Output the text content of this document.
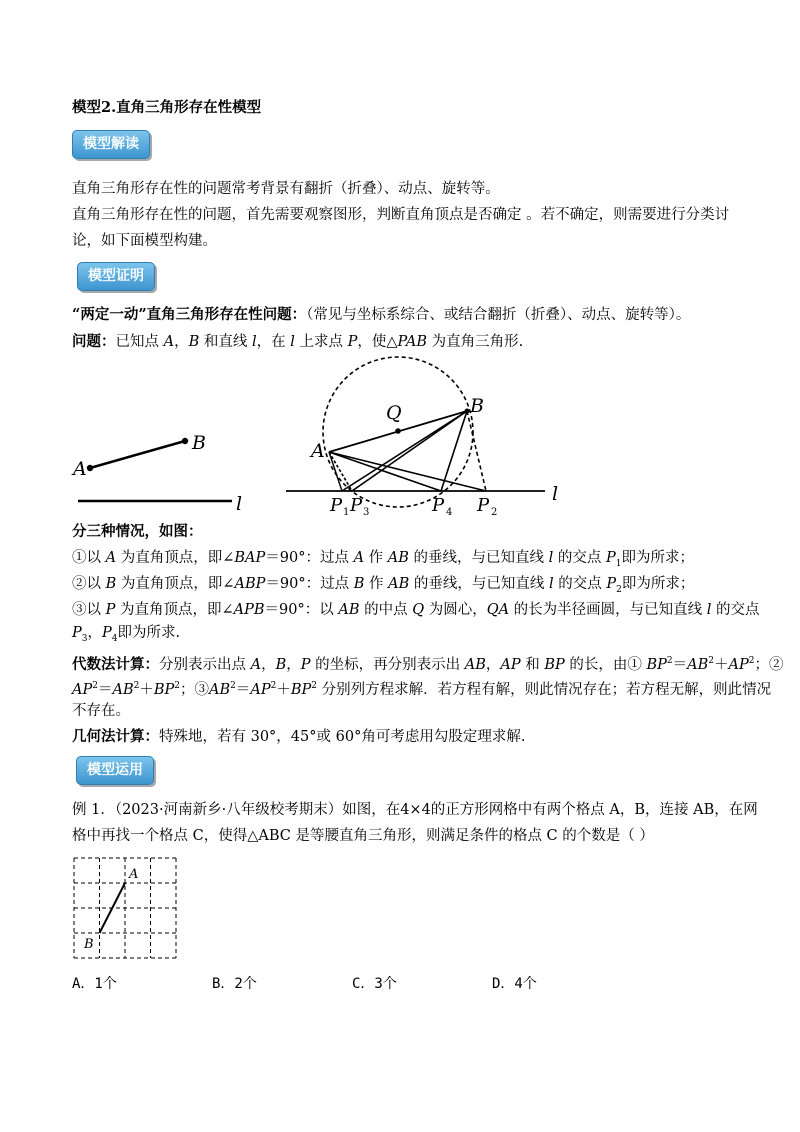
模型2.直角三角形存在性模型
模型解读
直角三角形存在性的问题常考背景有翻折（折叠）、动点、旋转等。
直角三角形存在性的问题，首先需要观察图形，判断直角顶点是否确定 。若不确定，则需要进行分类讨
论，如下面模型构建。
模型证明
“两定一动”直角三角形存在性问题：（常见与坐标系综合、或结合翻折（折叠）、动点、旋转等）。
问题：已知点 A，B 和直线 l，在 l 上求点 P，使△PAB 为直角三角形.
A
B
l
A
B
Q
l
P 1 P 3	P 4 P 2
分三种情况，如图：
①以 A 为直角顶点，即∠BAP＝90°：过点 A 作 AB 的垂线，与已知直线 l 的交点 $P_1$即为所求；
②以 B 为直角顶点，即∠ABP＝90°：过点 B 作 AB 的垂线，与已知直线 l 的交点 $P_2$即为所求；
③以 P 为直角顶点，即∠APB＝90°：以 AB 的中点 Q 为圆心，QA 的长为半径画圆，与已知直线 l 的交点
$P_3$，$P_4$即为所求.
代数法计算：分别表示出点 A，B，P 的坐标，再分别表示出 AB，AP 和 BP 的长，由① $BP^2=AB^2+AP^2$；②
$AP^2=AB^2+BP^2$；$③AB^2=AP^2+BP^2$ 分别列方程求解．若方程有解，则此情况存在；若方程无解，则此情况
不存在。
几何法计算：特殊地，若有 30°，45°或 60°角可考虑用勾股定理求解.
模型运用
例 1．（2023·河南新乡·八年级校考期末）如图，在4×4的正方形网格中有两个格点 A，B，连接 AB，在网
格中再找一个格点 C，使得△ABC 是等腰直角三角形，则满足条件的格点 C 的个数是（ ）
A
B
A．1个	B．2个	C．3个	D．4个
